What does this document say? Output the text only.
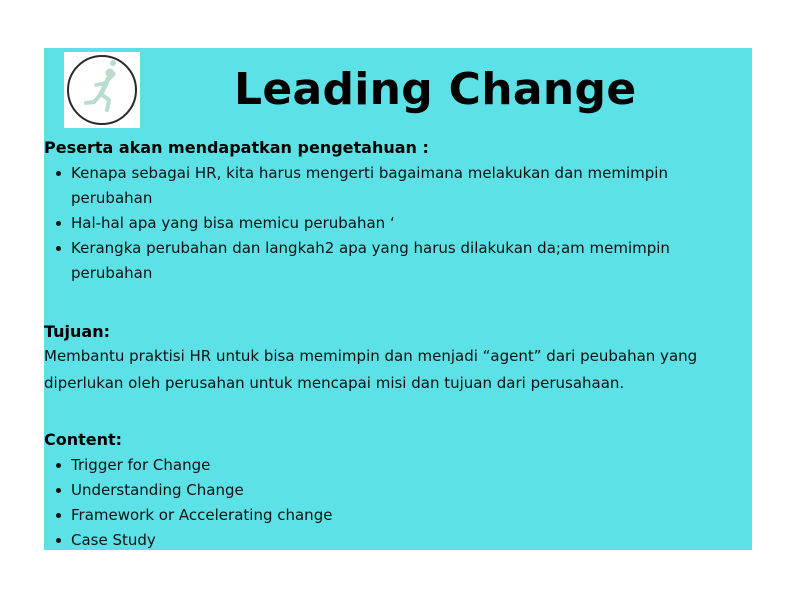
Leading Change
Peserta akan mendapatkan pengetahuan :
Kenapa sebagai HR, kita harus mengerti bagaimana melakukan dan memimpin perubahan
Hal-hal apa yang bisa memicu perubahan ‘
Kerangka perubahan dan langkah2 apa yang harus dilakukan da;am memimpin perubahan
Tujuan:

Membantu praktisi HR untuk bisa memimpin dan menjadi “agent” dari peubahan yang diperlukan oleh perusahan untuk mencapai misi dan tujuan dari perusahaan.

Content:
Trigger for Change
Understanding Change
Framework or Accelerating change
Case Study
